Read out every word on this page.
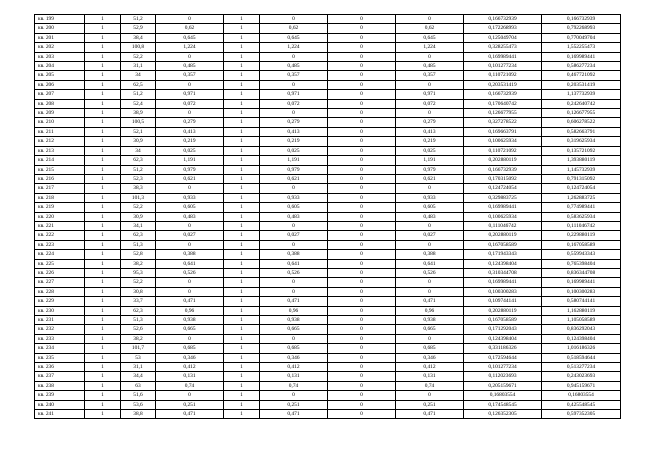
кв. 199	1	51,2	0	1	0	0	0	0,166732939	0,166732939
кв. 200	1	52,9	0,62	1	0,62	0	0,62	0,172268993	0,792268993
кв. 201	1	38,4	0,645	1	0,645	0	0,645	0,125049704	0,770049704
кв. 202	1	100,8	1,224	1	1,224	0	1,224	0,328255473	1,552255473
кв. 203	1	52,2	0	1	0	0	0	0,169989441	0,169989441
кв. 204	1	31,1	0,485	1	0,485	0	0,485	0,101277234	0,586277234
кв. 205	1	34	0,357	1	0,357	0	0,357	0,110721092	0,467721092
кв. 206	1	62,5	0	1	0	0	0	0,203531419	0,203531419
кв. 207	1	51,2	0,971	1	0,971	0	0,971	0,166732939	1,137732939
кв. 208	1	52,4	0,072	1	0,072	0	0,072	0,170640742	0,242640742
кв. 209	1	38,9	0	1	0	0	0	0,126677955	0,126677955
кв. 210	1	100,5	0,279	1	0,279	0	0,279	0,327278522	0,606278522
кв. 211	1	52,1	0,413	1	0,413	0	0,413	0,169663791	0,582663791
кв. 212	1	30,9	0,219	1	0,219	0	0,219	0,100625934	0,319625934
кв. 213	1	34	0,025	1	0,025	0	0,025	0,110721092	0,135721092
кв. 214	1	62,3	1,191	1	1,191	0	1,191	0,202880119	1,393880119
кв. 215	1	51,2	0,979	1	0,979	0	0,979	0,166732939	1,145732939
кв. 216	1	52,3	0,621	1	0,621	0	0,621	0,170315092	0,791315092
кв. 217	1	38,3	0	1	0	0	0	0,124724054	0,124724054
кв. 218	1	101,3	0,933	1	0,933	0	0,933	0,329883725	1,262883725
кв. 219	1	52,2	0,605	1	0,605	0	0,605	0,169989441	0,774989441
кв. 220	1	30,9	0,483	1	0,483	0	0,483	0,100625934	0,583625934
кв. 221	1	34,1	0	1	0	0	0	0,111046742	0,111046742
кв. 222	1	62,3	0,027	1	0,027	0	0,027	0,202880119	0,229880119
кв. 223	1	51,3	0	1	0	0	0	0,167058589	0,167058589
кв. 224	1	52,8	0,388	1	0,388	0	0,388	0,171943343	0,559943343
кв. 225	1	38,2	0,641	1	0,641	0	0,641	0,124398404	0,765398404
кв. 226	1	95,3	0,526	1	0,526	0	0,526	0,310344708	0,836344708
кв. 227	1	52,2	0	1	0	0	0	0,169989441	0,169989441
кв. 228	1	30,8	0	1	0	0	0	0,100300283	0,100300283
кв. 229	1	33,7	0,471	1	0,471	0	0,471	0,109744141	0,580744141
кв. 230	1	62,3	0,96	1	0,96	0	0,96	0,202880119	1,162880119
кв. 231	1	51,3	0,938	1	0,938	0	0,938	0,167058589	1,105058589
кв. 232	1	52,6	0,665	1	0,665	0	0,665	0,171292043	0,836292043
кв. 233	1	38,2	0	1	0	0	0	0,124398404	0,124398404
кв. 234	1	101,7	0,685	1	0,685	0	0,685	0,331186326	1,016186326
кв. 235	1	53	0,346	1	0,346	0	0,346	0,172594644	0,518594644
кв. 236	1	31,1	0,412	1	0,412	0	0,412	0,101277234	0,513277234
кв. 237	1	34,4	0,131	1	0,131	0	0,131	0,112023693	0,243023693
кв. 238	1	63	0,74	1	0,74	0	0,74	0,205159671	0,945159671
кв. 239	1	51,6	0	1	0	0	0	0,16803554	0,16803554
кв. 240	1	53,6	0,251	1	0,251	0	0,251	0,174548545	0,425548545
кв. 241	1	38,8	0,471	1	0,471	0	0,471	0,126352305	0,597352305
